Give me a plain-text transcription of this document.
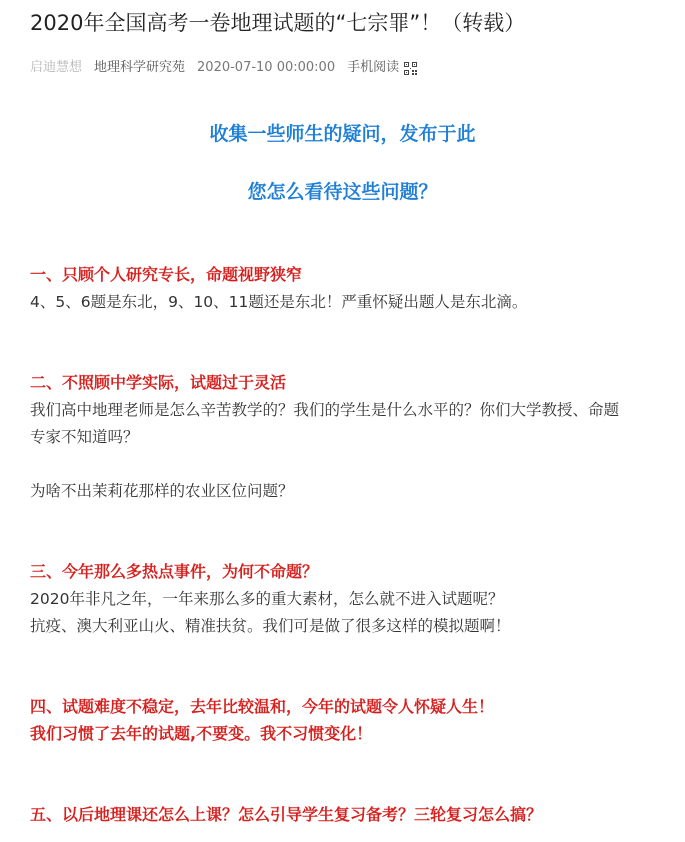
2020年全国高考一卷地理试题的“七宗罪”！（转载）
启迪慧想 地理科学研究苑 2020-07-10 00:00:00 手机阅读
收集一些师生的疑问，发布于此
您怎么看待这些问题？
一、只顾个人研究专长，命题视野狭窄
4、5、6题是东北，9、10、11题还是东北！严重怀疑出题人是东北滴。
二、不照顾中学实际，试题过于灵活
我们高中地理老师是怎么辛苦教学的？我们的学生是什么水平的？你们大学教授、命题
专家不知道吗？
为啥不出茉莉花那样的农业区位问题？
三、今年那么多热点事件，为何不命题？
2020年非凡之年，一年来那么多的重大素材，怎么就不进入试题呢？
抗疫、澳大利亚山火、精准扶贫。我们可是做了很多这样的模拟题啊！
四、试题难度不稳定，去年比较温和，今年的试题令人怀疑人生！
我们习惯了去年的试题,不要变。我不习惯变化！
五、以后地理课还怎么上课？怎么引导学生复习备考？三轮复习怎么搞？
